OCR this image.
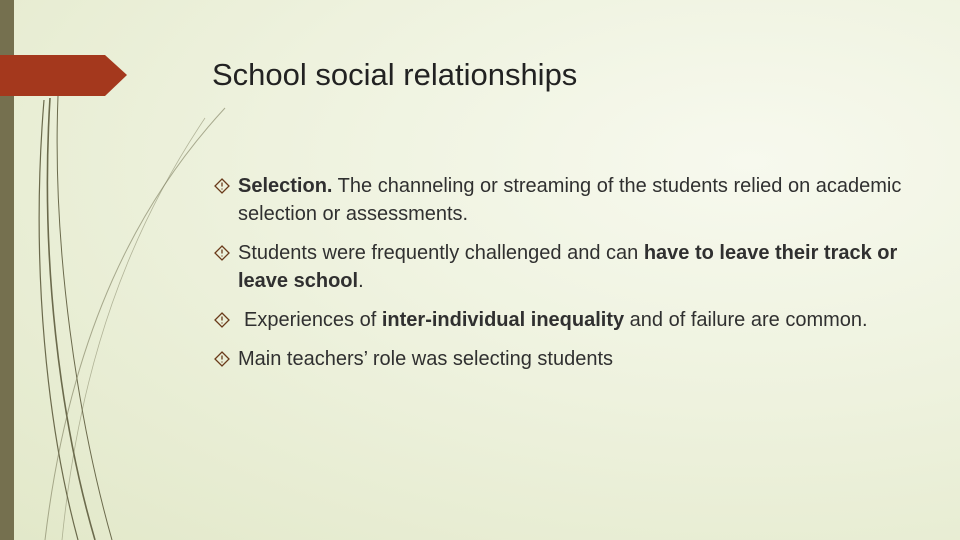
School social relationships
Selection. The channeling or streaming of the students relied on academic selection or assessments.
Students were frequently challenged and can have to leave their track or leave school.
Experiences of inter-individual inequality and of failure are common.
Main teachers’ role was selecting students
